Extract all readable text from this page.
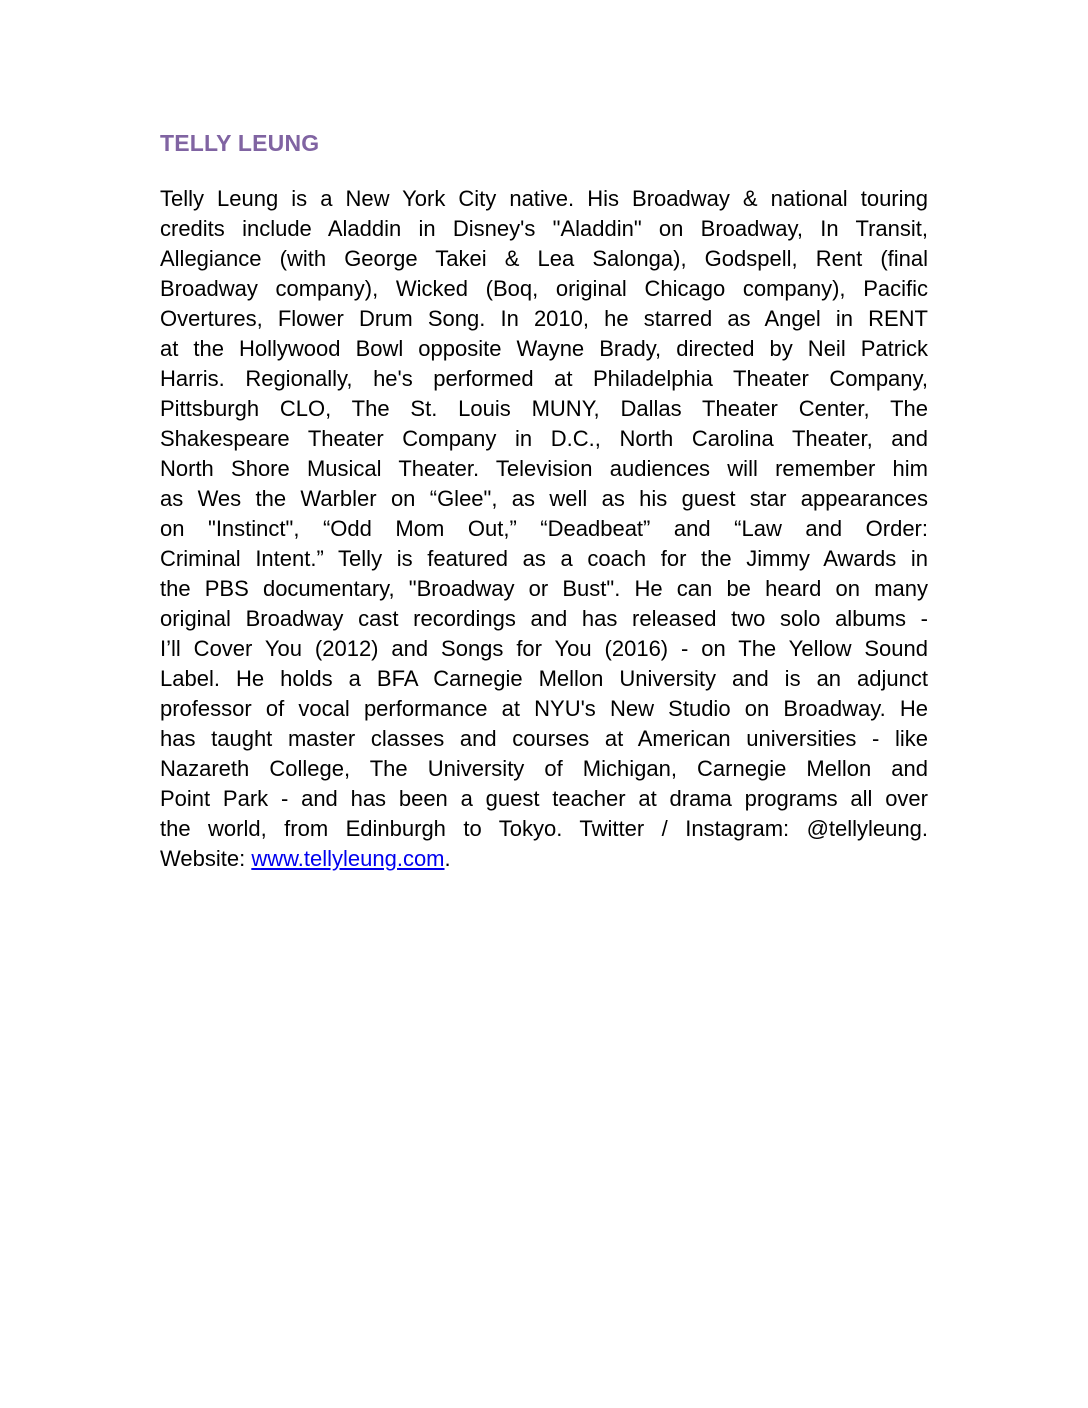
TELLY LEUNG
Telly Leung is a New York City native. His Broadway & national touring
credits include Aladdin in Disney's "Aladdin" on Broadway, In Transit,
Allegiance (with George Takei & Lea Salonga), Godspell, Rent (final
Broadway company), Wicked (Boq, original Chicago company), Pacific
Overtures, Flower Drum Song. In 2010, he starred as Angel in RENT
at the Hollywood Bowl opposite Wayne Brady, directed by Neil Patrick
Harris. Regionally, he's performed at Philadelphia Theater Company,
Pittsburgh CLO, The St. Louis MUNY, Dallas Theater Center, The
Shakespeare Theater Company in D.C., North Carolina Theater, and
North Shore Musical Theater. Television audiences will remember him
as Wes the Warbler on “Glee", as well as his guest star appearances
on "Instinct", “Odd Mom Out,” “Deadbeat” and “Law and Order:
Criminal Intent.” Telly is featured as a coach for the Jimmy Awards in
the PBS documentary, "Broadway or Bust". He can be heard on many
original Broadway cast recordings and has released two solo albums -
I’ll Cover You (2012) and Songs for You (2016) - on The Yellow Sound
Label. He holds a BFA Carnegie Mellon University and is an adjunct
professor of vocal performance at NYU's New Studio on Broadway. He
has taught master classes and courses at American universities - like
Nazareth College, The University of Michigan, Carnegie Mellon and
Point Park - and has been a guest teacher at drama programs all over
the world, from Edinburgh to Tokyo. Twitter / Instagram: @tellyleung.
Website: www.tellyleung.com.
